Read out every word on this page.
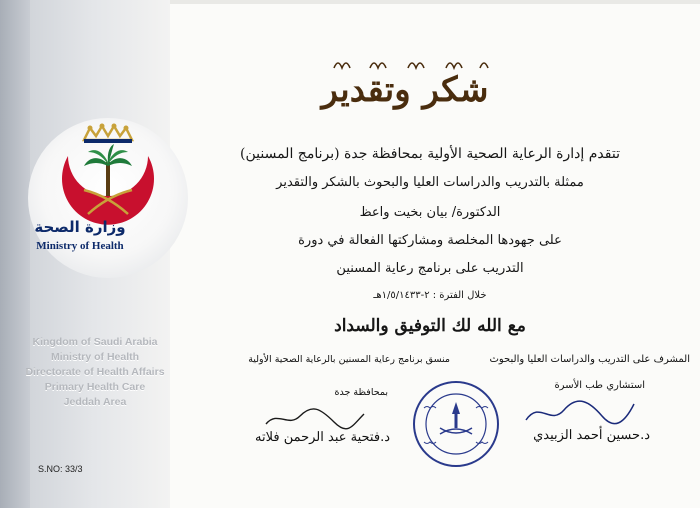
وزارة الصحة
Ministry of Health
Kingdom of Saudi Arabia
Ministry of Health
Directorate of Health Affairs
Primary Health Care
Jeddah Area
S.NO: 33/3
شكر وتقدير
تتقدم إدارة الرعاية الصحية الأولية بمحافظة جدة (برنامج المسنين)
ممثلة بالتدريب والدراسات العليا والبحوث بالشكر والتقدير
الدكتورة/ بيان بخيت واعظ
على جهودها المخلصة ومشاركتها الفعالة في دورة
التدريب على برنامج رعاية المسنين
خلال الفترة : ٢-١/٥/١٤٣٣هـ
مع الله لك التوفيق والسداد
المشرف على التدريب والدراسات العليا والبحوث
استشاري طب الأسرة
د.حسين أحمد الزبيدي
منسق برنامج رعاية المسنين بالرعاية الصحية الأولية
بمحافظة جدة
د.فتحية عبد الرحمن فلاته
